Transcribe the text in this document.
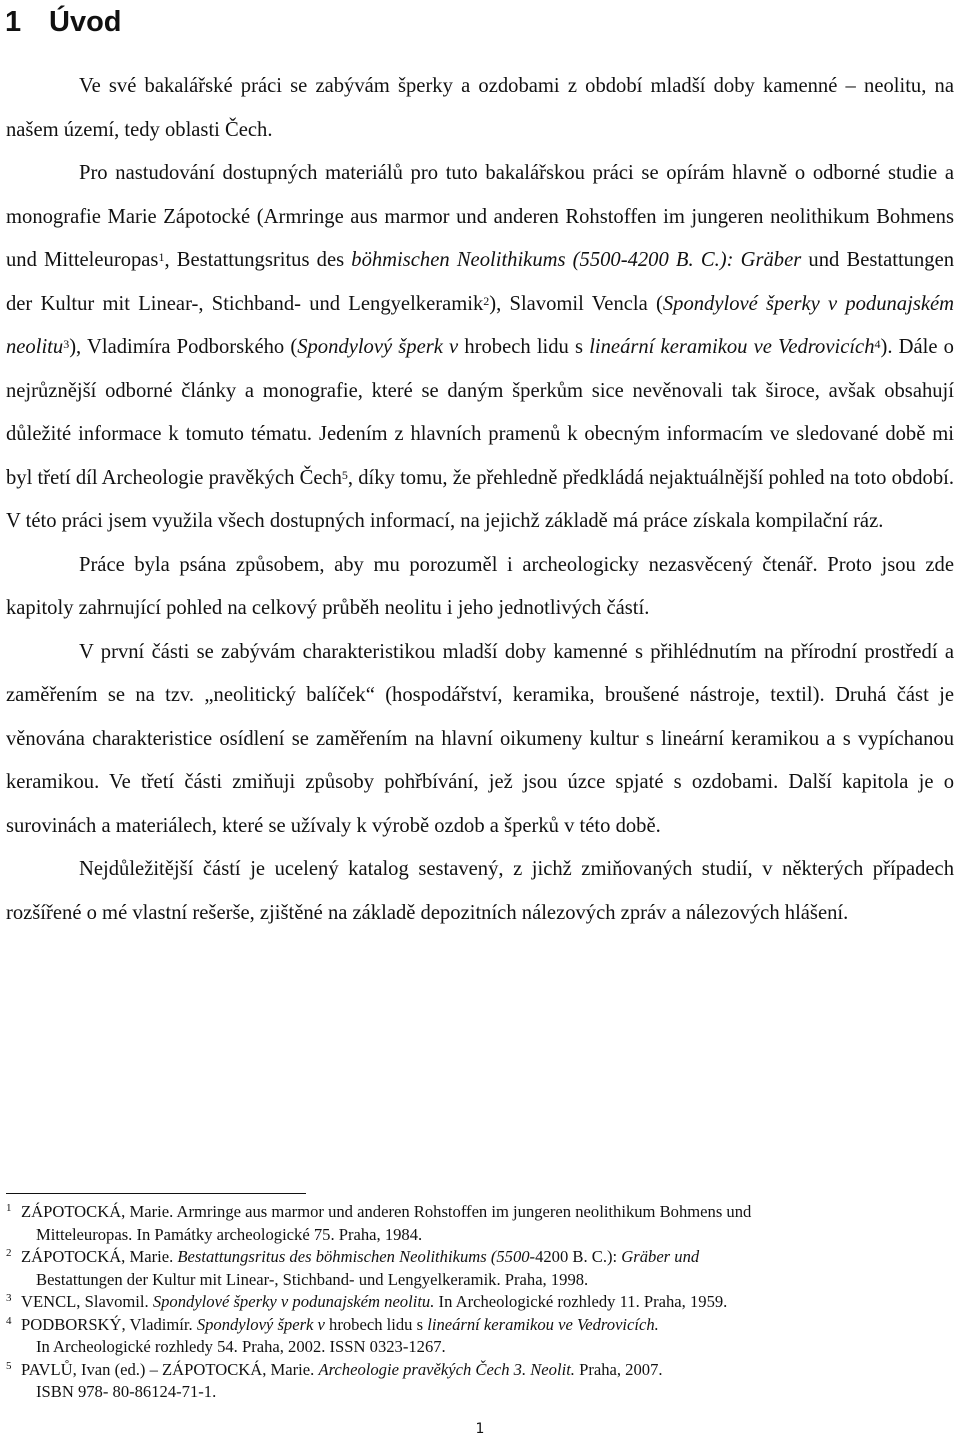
1 Úvod

Ve své bakalářské práci se zabývám šperky a ozdobami z období mladší doby kamenné – neolitu, na našem území, tedy oblasti Čech.

Pro nastudování dostupných materiálů pro tuto bakalářskou práci se opírám hlavně o odborné studie a monografie Marie Zápotocké (Armringe aus marmor und anderen Rohstoffen im jungeren neolithikum Bohmens und Mitteleuropas$^1$, Bestattungsritus des böhmischen Neolithikums (5500-4200 B. C.): Gräber und Bestattungen der Kultur mit Linear-, Stichband- und Lengyelkeramik$^2$), Slavomil Vencla (Spondylové šperky v podunajském neolitu$^3$), Vladimíra Podborského (Spondylový šperk v hrobech lidu s lineární keramikou ve Vedrovicích$^4$). Dále o nejrůznější odborné články a monografie, které se daným šperkům sice nevěnovali tak široce, avšak obsahují důležité informace k tomuto tématu. Jedením z hlavních pramenů k obecným informacím ve sledované době mi byl třetí díl Archeologie pravěkých Čech$^5$, díky tomu, že přehledně předkládá nejaktuálnější pohled na toto období. V této práci jsem využila všech dostupných informací, na jejichž základě má práce získala kompilační ráz.

Práce byla psána způsobem, aby mu porozuměl i archeologicky nezasvěcený čtenář. Proto jsou zde kapitoly zahrnující pohled na celkový průběh neolitu i jeho jednotlivých částí.

V první části se zabývám charakteristikou mladší doby kamenné s přihlédnutím na přírodní prostředí a zaměřením se na tzv. „neolitický balíček“ (hospodářství, keramika, broušené nástroje, textil). Druhá část je věnována charakteristice osídlení se zaměřením na hlavní oikumeny kultur s lineární keramikou a s vypíchanou keramikou. Ve třetí části zmiňuji způsoby pohřbívání, jež jsou úzce spjaté s ozdobami. Další kapitola je o surovinách a materiálech, které se užívaly k výrobě ozdob a šperků v této době.

Nejdůležitější částí je ucelený katalog sestavený, z jichž zmiňovaných studií, v některých případech rozšířené o mé vlastní rešerše, zjištěné na základě depozitních nálezových zpráv a nálezových hlášení.

1 ZÁPOTOCKÁ, Marie. Armringe aus marmor und anderen Rohstoffen im jungeren neolithikum Bohmens und
Mitteleuropas. In Památky archeologické 75. Praha, 1984.

2 ZÁPOTOCKÁ, Marie. Bestattungsritus des böhmischen Neolithikums (5500-4200 B. C.): Gräber und
Bestattungen der Kultur mit Linear-, Stichband- und Lengyelkeramik. Praha, 1998.

3 VENCL, Slavomil. Spondylové šperky v podunajském neolitu. In Archeologické rozhledy 11. Praha, 1959.

4 PODBORSKÝ, Vladimír. Spondylový šperk v hrobech lidu s lineární keramikou ve Vedrovicích.
In Archeologické rozhledy 54. Praha, 2002. ISSN 0323-1267.

5 PAVLŮ, Ivan (ed.) – ZÁPOTOCKÁ, Marie. Archeologie pravěkých Čech 3. Neolit. Praha, 2007.
ISBN 978- 80-86124-71-1.

1
